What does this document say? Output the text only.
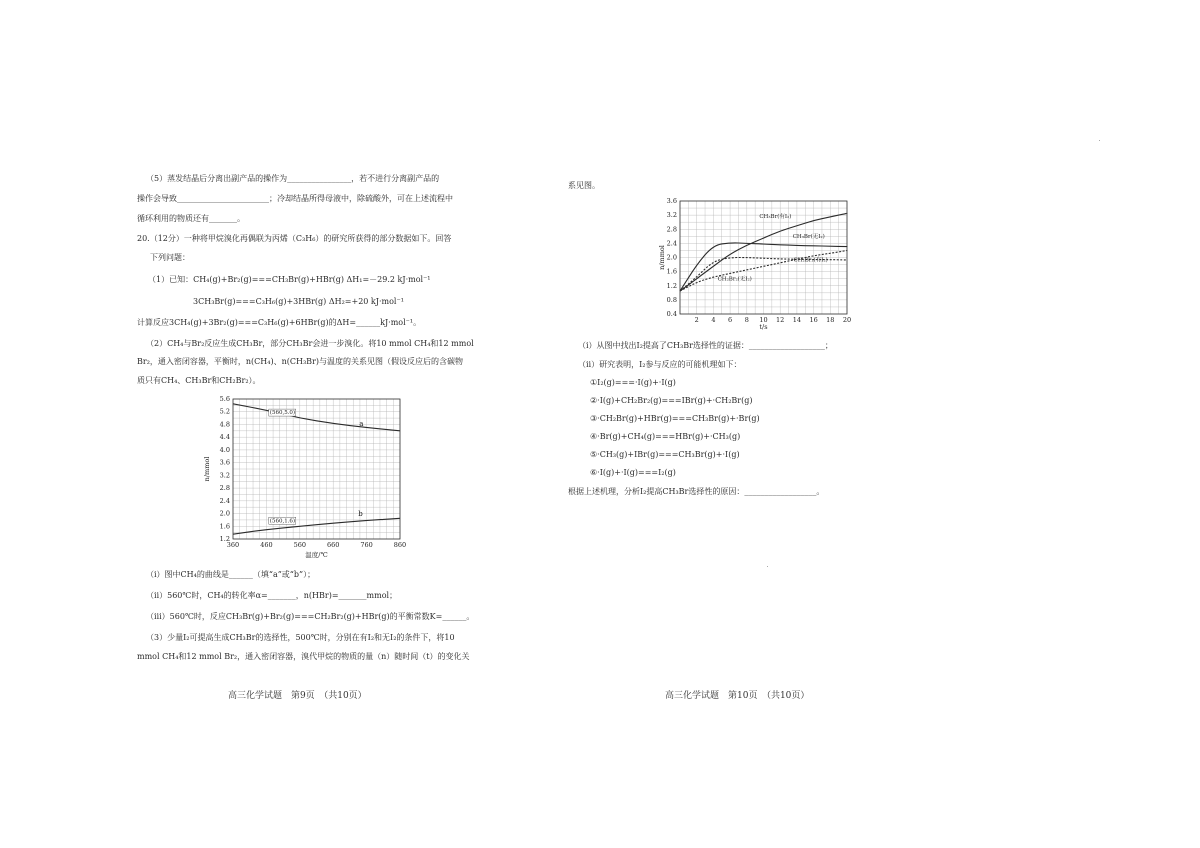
（5）蒸发结晶后分离出副产品的操作为________________，若不进行分离副产品的
操作会导致_______________________；冷却结晶所得母液中，除硫酸外，可在上述流程中
循环利用的物质还有_______。
20.（12分）一种将甲烷溴化再偶联为丙烯（C₃H₆）的研究所获得的部分数据如下。回答
下列问题：
（1）已知：CH₄(g)+Br₂(g)===CH₃Br(g)+HBr(g) ΔH₁=－29.2 kJ·mol⁻¹
3CH₃Br(g)===C₃H₆(g)+3HBr(g) ΔH₂=+20 kJ·mol⁻¹
计算反应3CH₄(g)+3Br₂(g)===C₃H₆(g)+6HBr(g)的ΔH=______kJ·mol⁻¹。
（2）CH₄与Br₂反应生成CH₃Br，部分CH₃Br会进一步溴化。将10 mmol CH₄和12 mmol
Br₂，通入密闭容器，平衡时，n(CH₄)、n(CH₃Br)与温度的关系见图（假设反应后的含碳物
质只有CH₄、CH₃Br和CH₂Br₂）。
360	460	560	660	760	860
1.2
1.6
2.0
2.4
2.8
3.2
3.6
4.0
4.4
4.8
5.2
5.6
温度/℃
n/mmol
a
b
(560,5.0)
(560,1.6)
（ⅰ）图中CH₄的曲线是______（填“a”或“b”）；
（ⅱ）560℃时，CH₄的转化率α=_______，n(HBr)=_______mmol；
（ⅲ）560℃时，反应CH₃Br(g)+Br₂(g)===CH₂Br₂(g)+HBr(g)的平衡常数K=______。
（3）少量I₂可提高生成CH₃Br的选择性，500℃时，分别在有I₂和无I₂的条件下，将10
mmol CH₄和12 mmol Br₂，通入密闭容器，溴代甲烷的物质的量（n）随时间（t）的变化关
高三化学试题　第9页　（共10页）
系见图。
2 4 6 8 10 12 14 16 18 20
0.4
0.8
1.2
1.6
2.0
2.4
2.8
3.2
3.6
t/s
n/mmol
CH₃Br(有I₂)
CH₃Br(无I₂)
CH₂Br₂(有I₂)
CH₂Br₂(无I₂)
（ⅰ）从图中找出I₂提高了CH₃Br选择性的证据：___________________；
（ⅱ）研究表明，I₂参与反应的可能机理如下：
①I₂(g)===·I(g)+·I(g)
②·I(g)+CH₂Br₂(g)===IBr(g)+·CH₂Br(g)
③·CH₂Br(g)+HBr(g)===CH₃Br(g)+·Br(g)
④·Br(g)+CH₄(g)===HBr(g)+·CH₃(g)
⑤·CH₃(g)+IBr(g)===CH₃Br(g)+·I(g)
⑥·I(g)+·I(g)===I₂(g)
根据上述机理，分析I₂提高CH₃Br选择性的原因：__________________。
高三化学试题　第10页　（共10页）
